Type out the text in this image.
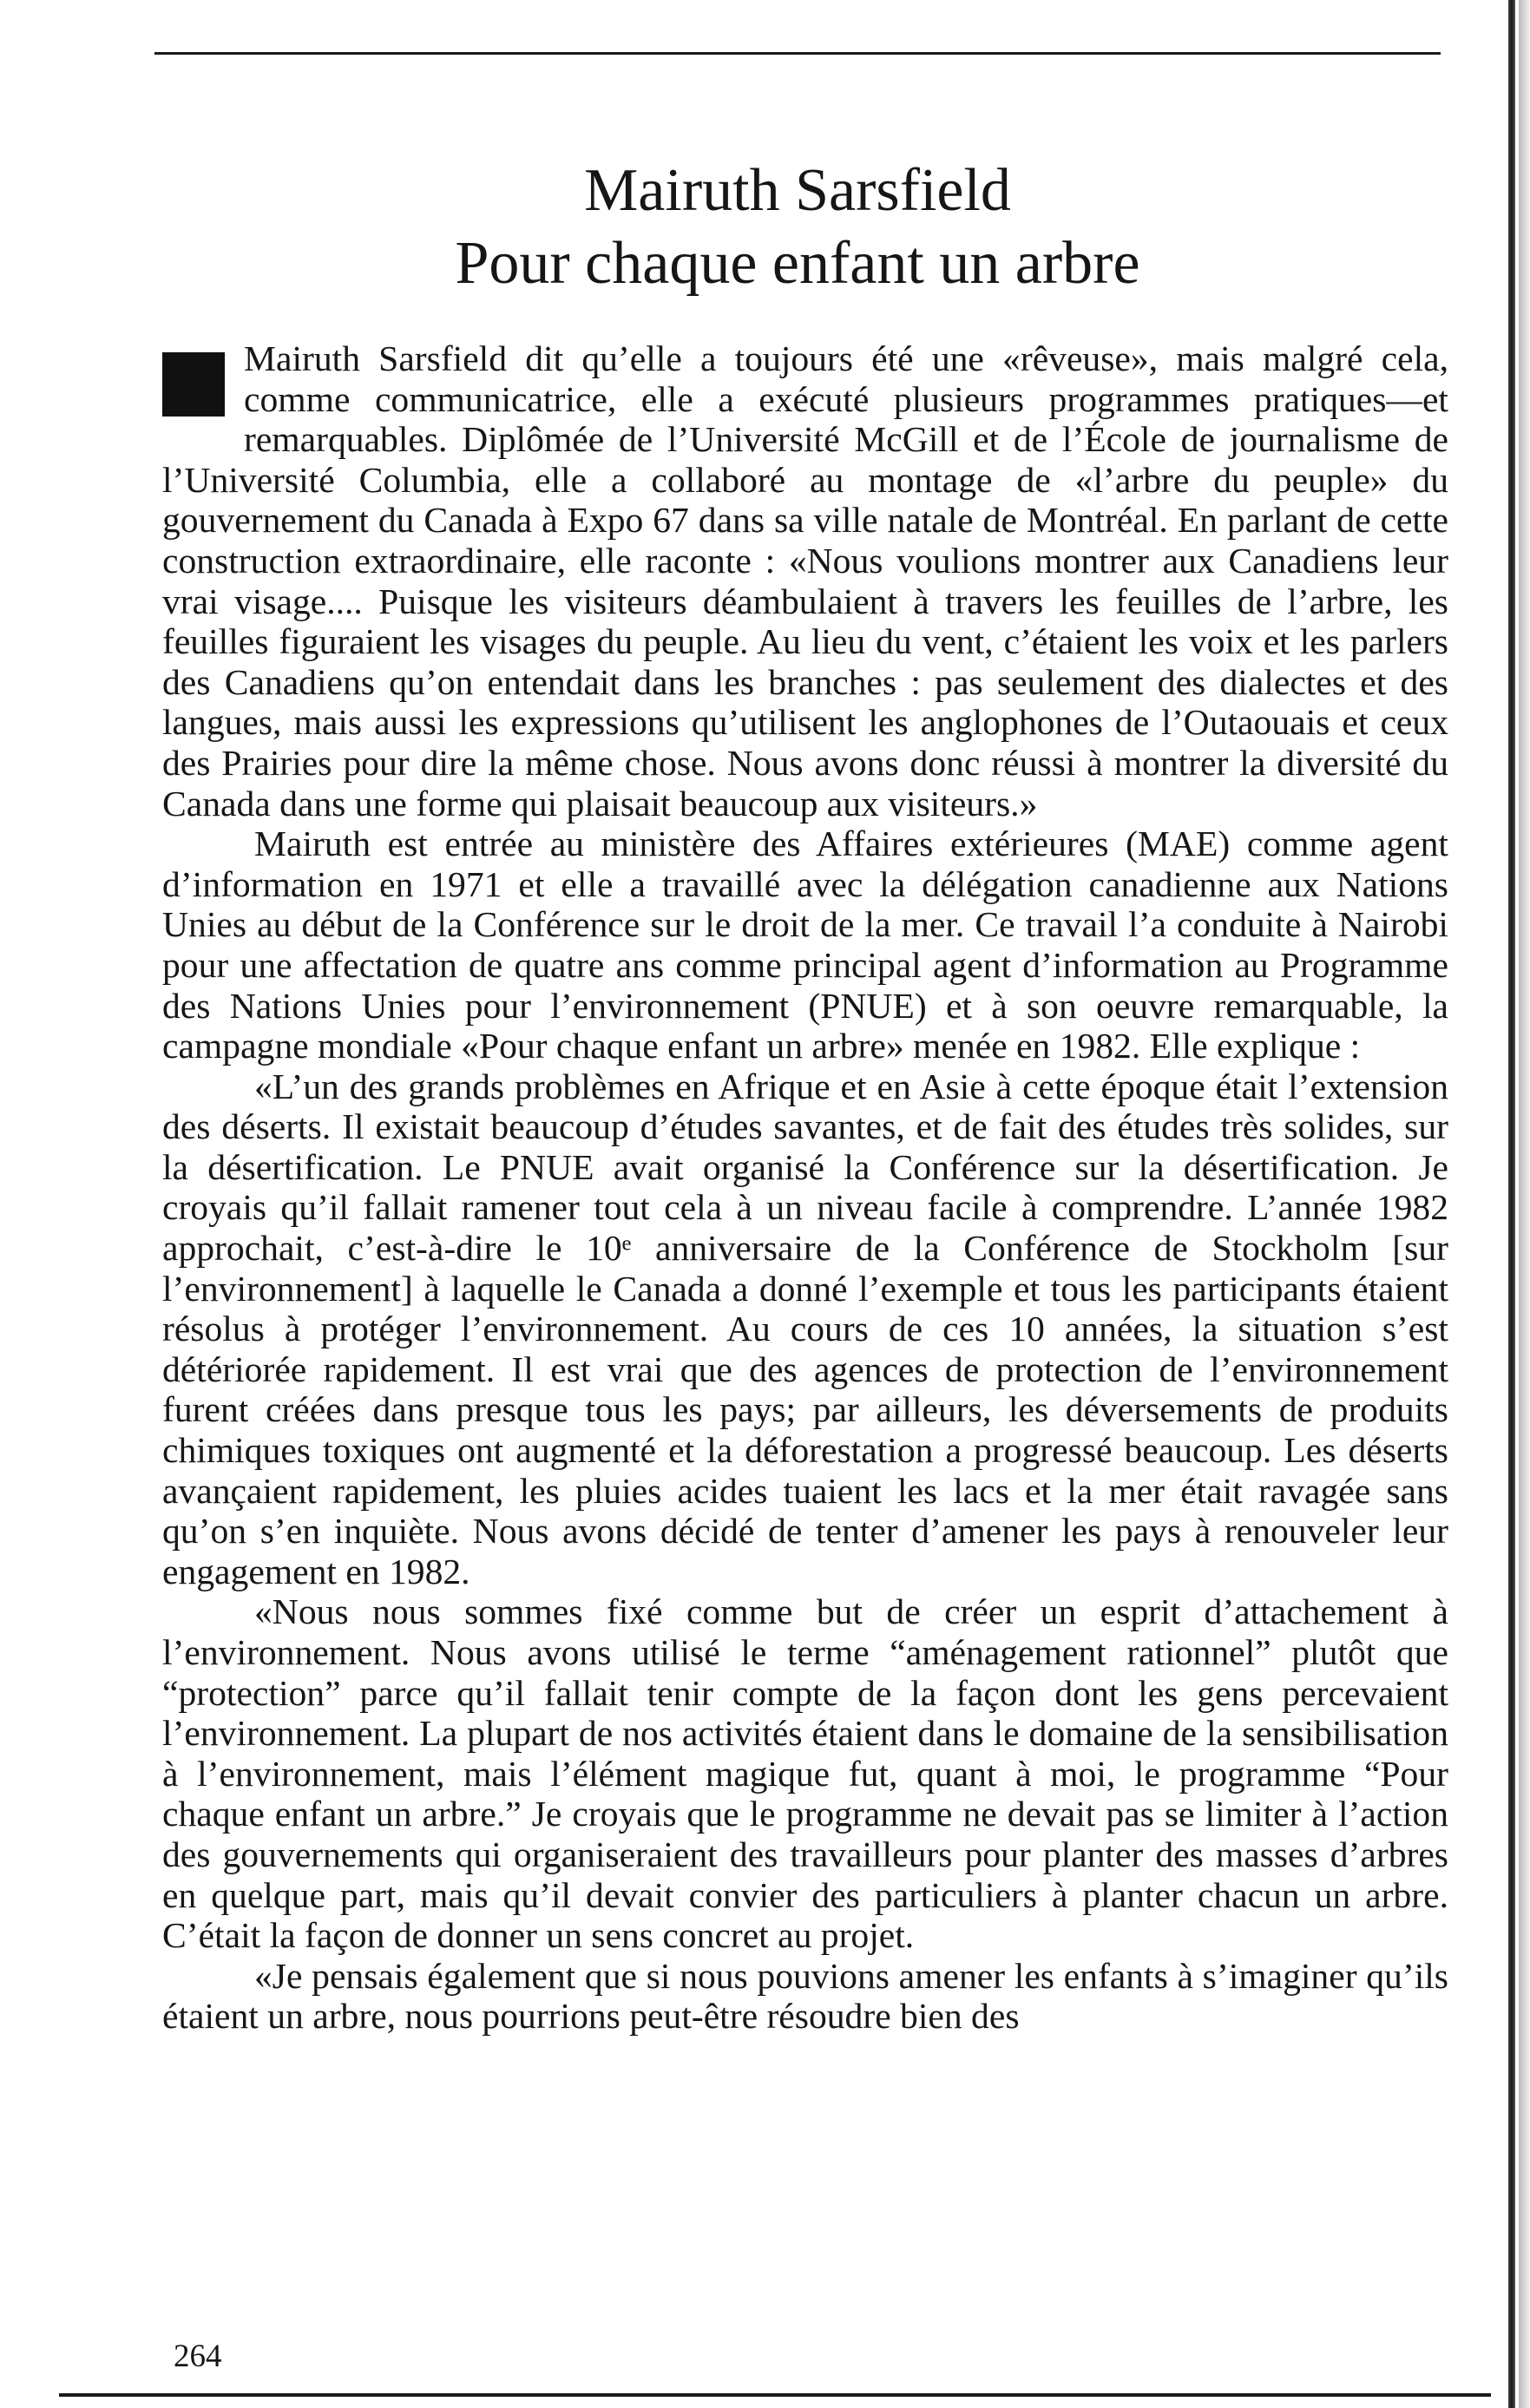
Mairuth Sarsfield
Pour chaque enfant un arbre

Mairuth Sarsfield dit qu’elle a toujours été une «rêveuse», mais malgré cela, comme communicatrice, elle a exécuté plusieurs programmes pratiques—et remarquables. Diplômée de l’Université McGill et de l’École de journalisme de l’Université Columbia, elle a collaboré au montage de «l’arbre du peuple» du gouvernement du Canada à Expo 67 dans sa ville natale de Montréal. En parlant de cette construction extraordinaire, elle raconte : «Nous voulions montrer aux Canadiens leur vrai visage.... Puisque les visiteurs déambulaient à travers les feuilles de l’arbre, les feuilles figuraient les visages du peuple. Au lieu du vent, c’étaient les voix et les parlers des Canadiens qu’on entendait dans les branches : pas seulement des dialectes et des langues, mais aussi les expressions qu’utilisent les anglophones de l’Outaouais et ceux des Prairies pour dire la même chose. Nous avons donc réussi à montrer la diversité du Canada dans une forme qui plaisait beaucoup aux visiteurs.»

Mairuth est entrée au ministère des Affaires extérieures (MAE) comme agent d’information en 1971 et elle a travaillé avec la délégation canadienne aux Nations Unies au début de la Conférence sur le droit de la mer. Ce travail l’a conduite à Nairobi pour une affectation de quatre ans comme principal agent d’information au Programme des Nations Unies pour l’environnement (PNUE) et à son oeuvre remarquable, la campagne mondiale «Pour chaque enfant un arbre» menée en 1982. Elle explique :

«L’un des grands problèmes en Afrique et en Asie à cette époque était l’extension des déserts. Il existait beaucoup d’études savantes, et de fait des études très solides, sur la désertification. Le PNUE avait organisé la Conférence sur la désertification. Je croyais qu’il fallait ramener tout cela à un niveau facile à comprendre. L’année 1982 approchait, c’est-à-dire le 10ᵉ anniversaire de la Conférence de Stockholm [sur l’environnement] à laquelle le Canada a donné l’exemple et tous les participants étaient résolus à protéger l’environnement. Au cours de ces 10 années, la situation s’est détériorée rapidement. Il est vrai que des agences de protection de l’environnement furent créées dans presque tous les pays; par ailleurs, les déversements de produits chimiques toxiques ont augmenté et la déforestation a progressé beaucoup. Les déserts avançaient rapidement, les pluies acides tuaient les lacs et la mer était ravagée sans qu’on s’en inquiète. Nous avons décidé de tenter d’amener les pays à renouveler leur engagement en 1982.

«Nous nous sommes fixé comme but de créer un esprit d’attachement à l’environnement. Nous avons utilisé le terme “aménagement rationnel” plutôt que “protection” parce qu’il fallait tenir compte de la façon dont les gens percevaient l’environnement. La plupart de nos activités étaient dans le domaine de la sensibilisation à l’environnement, mais l’élément magique fut, quant à moi, le programme “Pour chaque enfant un arbre.” Je croyais que le programme ne devait pas se limiter à l’action des gouvernements qui organiseraient des travailleurs pour planter des masses d’arbres en quelque part, mais qu’il devait convier des particuliers à planter chacun un arbre. C’était la façon de donner un sens concret au projet.

«Je pensais également que si nous pouvions amener les enfants à s’imaginer qu’ils étaient un arbre, nous pourrions peut-être résoudre bien des

264
